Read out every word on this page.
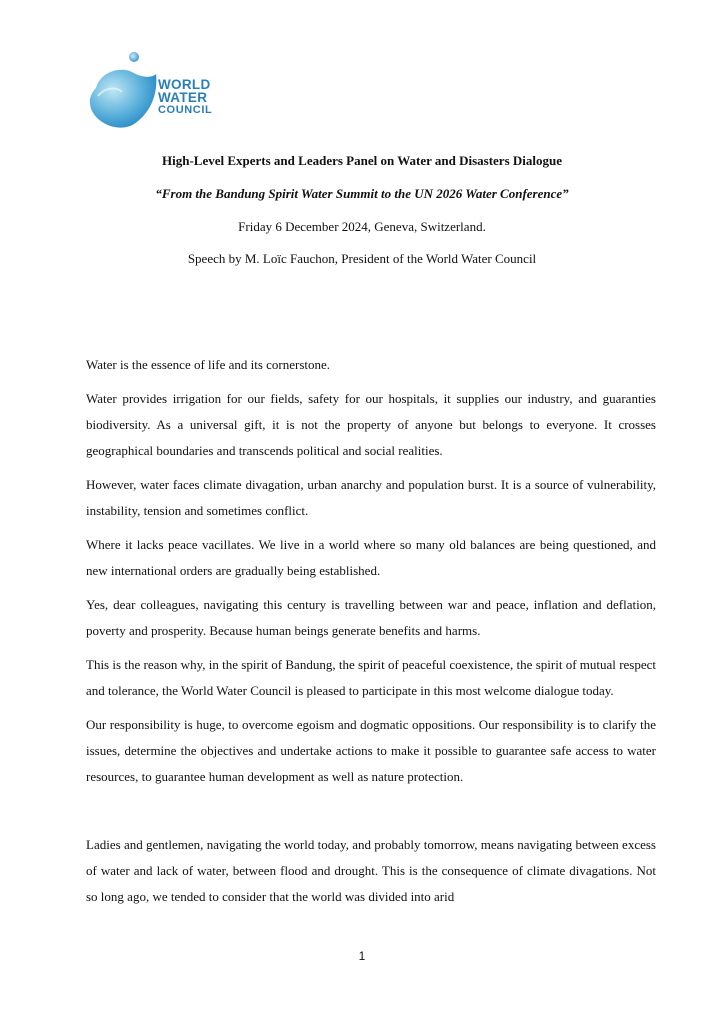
WORLD
WATER
COUNCIL
High-Level Experts and Leaders Panel on Water and Disasters Dialogue
“From the Bandung Spirit Water Summit to the UN 2026 Water Conference”
Friday 6 December 2024, Geneva, Switzerland.
Speech by M. Loïc Fauchon, President of the World Water Council

Water is the essence of life and its cornerstone.

Water provides irrigation for our fields, safety for our hospitals, it supplies our industry, and guaranties biodiversity. As a universal gift, it is not the property of anyone but belongs to everyone. It crosses geographical boundaries and transcends political and social realities.

However, water faces climate divagation, urban anarchy and population burst. It is a source of vulnerability, instability, tension and sometimes conflict.

Where it lacks peace vacillates. We live in a world where so many old balances are being questioned, and new international orders are gradually being established.

Yes, dear colleagues, navigating this century is travelling between war and peace, inflation and deflation, poverty and prosperity. Because human beings generate benefits and harms.

This is the reason why, in the spirit of Bandung, the spirit of peaceful coexistence, the spirit of mutual respect and tolerance, the World Water Council is pleased to participate in this most welcome dialogue today.

Our responsibility is huge, to overcome egoism and dogmatic oppositions. Our responsibility is to clarify the issues, determine the objectives and undertake actions to make it possible to guarantee safe access to water resources, to guarantee human development as well as nature protection.

Ladies and gentlemen, navigating the world today, and probably tomorrow, means navigating between excess of water and lack of water, between flood and drought. This is the consequence of climate divagations. Not so long ago, we tended to consider that the world was divided into arid

1
